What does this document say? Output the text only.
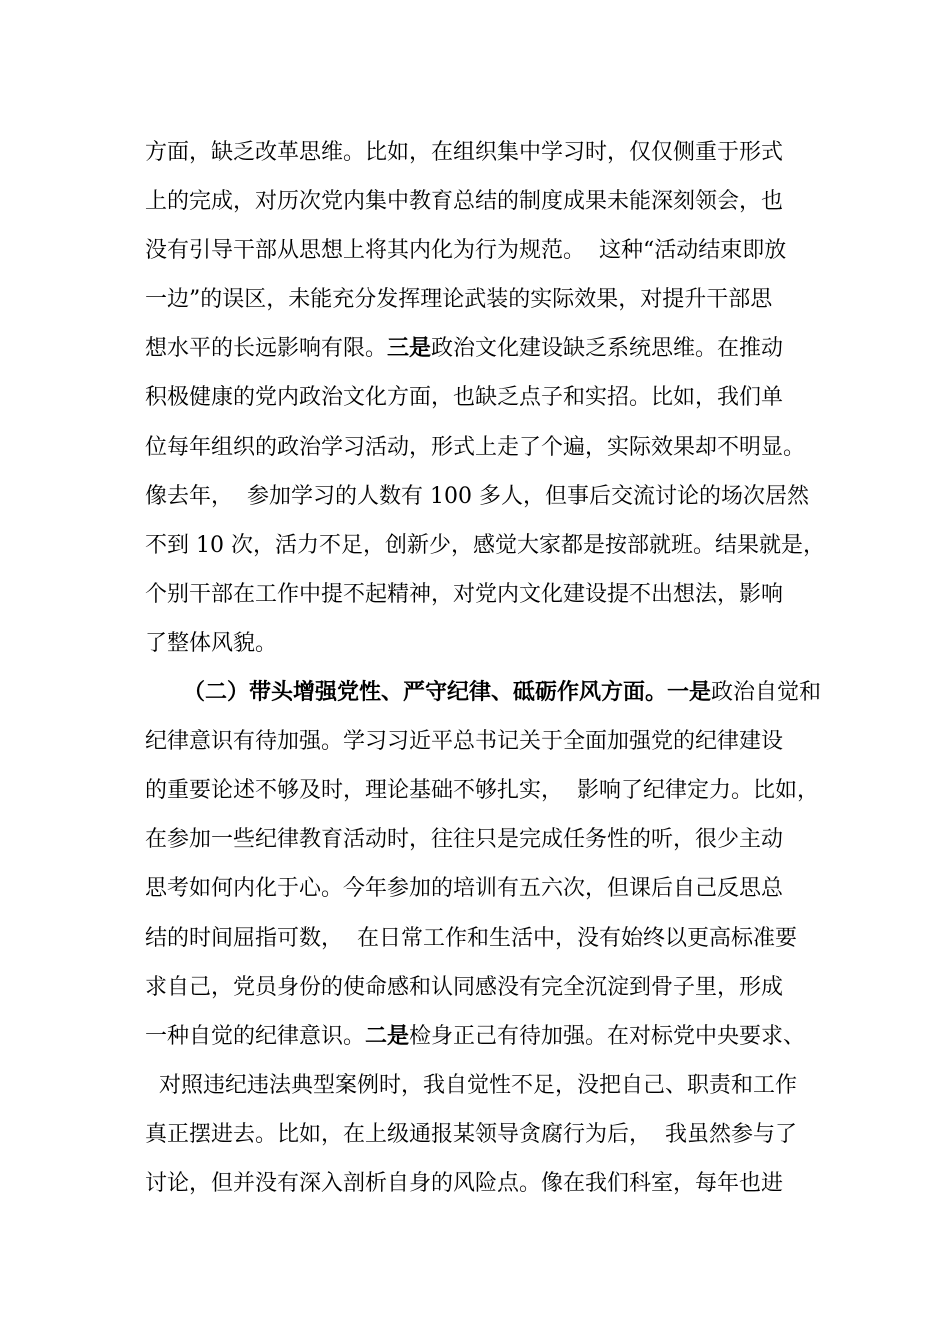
方面，缺乏改革思维。比如，在组织集中学习时，仅仅侧重于形式
上的完成，对历次党内集中教育总结的制度成果未能深刻领会，也
没有引导干部从思想上将其内化为行为规范。  这种“活动结束即放
一边”的误区，未能充分发挥理论武装的实际效果，对提升干部思
想水平的长远影响有限。三是政治文化建设缺乏系统思维。在推动
积极健康的党内政治文化方面，也缺乏点子和实招。比如，我们单
位每年组织的政治学习活动，形式上走了个遍，实际效果却不明显。
像去年，  参加学习的人数有 100 多人，但事后交流讨论的场次居然
不到 10 次，活力不足，创新少，感觉大家都是按部就班。结果就是，
个别干部在工作中提不起精神，对党内文化建设提不出想法，影响
了整体风貌。
（二）带头增强党性、严守纪律、砥砺作风方面。一是政治自觉和
纪律意识有待加强。学习习近平总书记关于全面加强党的纪律建设
的重要论述不够及时，理论基础不够扎实，  影响了纪律定力。比如，
在参加一些纪律教育活动时，往往只是完成任务性的听，很少主动
思考如何内化于心。今年参加的培训有五六次，但课后自己反思总
结的时间屈指可数，  在日常工作和生活中，没有始终以更高标准要
求自己，党员身份的使命感和认同感没有完全沉淀到骨子里，形成
一种自觉的纪律意识。二是检身正己有待加强。在对标党中央要求、
对照违纪违法典型案例时，我自觉性不足，没把自己、职责和工作
真正摆进去。比如，在上级通报某领导贪腐行为后，  我虽然参与了
讨论，但并没有深入剖析自身的风险点。像在我们科室，每年也进
